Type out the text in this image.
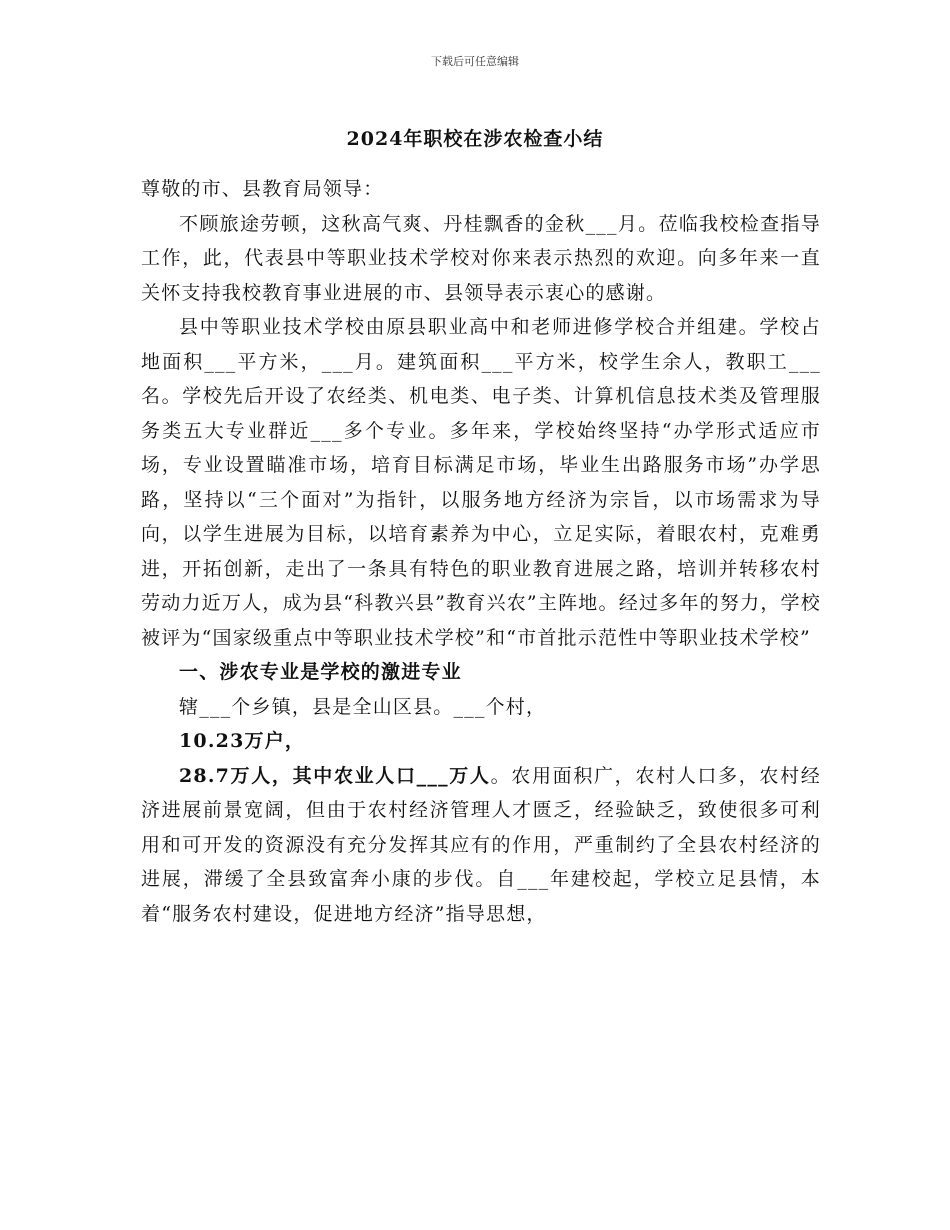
下载后可任意编辑
2024年职校在涉农检查小结

尊敬的市、县教育局领导：

不顾旅途劳顿，这秋高气爽、丹桂飘香的金秋___月。莅临我校检查指导工作，此，代表县中等职业技术学校对你来表示热烈的欢迎。向多年来一直关怀支持我校教育事业进展的市、县领导表示衷心的感谢。

县中等职业技术学校由原县职业高中和老师进修学校合并组建。学校占地面积___平方米，___月。建筑面积___平方米，校学生余人，教职工___名。学校先后开设了农经类、机电类、电子类、计算机信息技术类及管理服务类五大专业群近___多个专业。多年来，学校始终坚持“办学形式适应市场，专业设置瞄准市场，培育目标满足市场，毕业生出路服务市场”办学思路，坚持以“三个面对”为指针，以服务地方经济为宗旨，以市场需求为导向，以学生进展为目标，以培育素养为中心，立足实际，着眼农村，克难勇进，开拓创新，走出了一条具有特色的职业教育进展之路，培训并转移农村劳动力近万人，成为县“科教兴县”教育兴农”主阵地。经过多年的努力，学校被评为“国家级重点中等职业技术学校”和“市首批示范性中等职业技术学校”

一、涉农专业是学校的激进专业

辖___个乡镇，县是全山区县。___个村，

10.23万户，

28.7万人，其中农业人口___万人。农用面积广，农村人口多，农村经济进展前景宽阔，但由于农村经济管理人才匮乏，经验缺乏，致使很多可利用和可开发的资源没有充分发挥其应有的作用，严重制约了全县农村经济的进展，滞缓了全县致富奔小康的步伐。自___年建校起，学校立足县情，本着“服务农村建设，促进地方经济”指导思想，
